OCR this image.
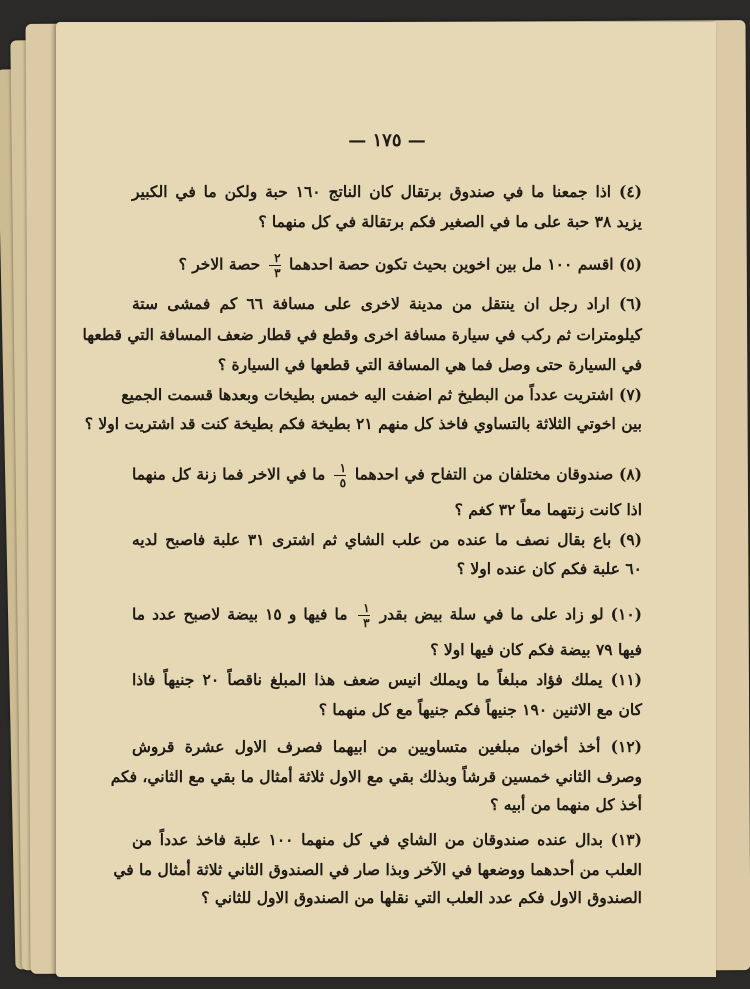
— ١٧٥ —
(٤) اذا جمعنا ما في صندوق برتقال كان الناتج ١٦٠ حبة ولكن ما في الكبير
يزيد ٣٨ حبة على ما في الصغير فكم برتقالة في كل منهما ؟
(٥) اقسم ١٠٠ مل بين اخوين بحيث تكون حصة احدهما
$\frac{٢}{٣}$
حصة الاخر ؟
(٦) اراد رجل ان ينتقل من مدينة لاخرى على مسافة ٦٦ كم فمشى ستة
كيلومترات ثم ركب في سيارة مسافة اخرى وقطع في قطار ضعف المسافة التي قطعها
في السيارة حتى وصل فما هي المسافة التي قطعها في السيارة ؟
(٧) اشتريت عدداً من البطيخ ثم اضفت اليه خمس بطيخات وبعدها قسمت الجميع
بين اخوتي الثلاثة بالتساوي فاخذ كل منهم ٢١ بطيخة فكم بطيخة كنت قد اشتريت اولا ؟
(٨) صندوقان مختلفان من التفاح في احدهما
$\frac{١}{٥}$
ما في الاخر فما زنة كل منهما
اذا كانت زنتهما معاً ٣٢ كغم ؟
(٩) باع بقال نصف ما عنده من علب الشاي ثم اشترى ٣١ علبة فاصبح لديه
٦٠ علبة فكم كان عنده اولا ؟
(١٠) لو زاد على ما في سلة بيض بقدر
$\frac{١}{٣}$
ما فيها و ١٥ بيضة لاصبح عدد ما
فيها ٧٩ بيضة فكم كان فيها اولا ؟
(١١) يملك فؤاد مبلغاً ما ويملك انيس ضعف هذا المبلغ ناقصاً ٢٠ جنيهاً فاذا
كان مع الاثنين ١٩٠ جنيهاً فكم جنيهاً مع كل منهما ؟
(١٢) أخذ أخوان مبلغين متساويين من ابيهما فصرف الاول عشرة قروش
وصرف الثاني خمسين قرشاً وبذلك بقي مع الاول ثلاثة أمثال ما بقي مع الثاني، فكم
أخذ كل منهما من أبيه ؟
(١٣) بدال عنده صندوقان من الشاي في كل منهما ١٠٠ علبة فاخذ عدداً من
العلب من أحدهما ووضعها في الآخر وبذا صار في الصندوق الثاني ثلاثة أمثال ما في
الصندوق الاول فكم عدد العلب التي نقلها من الصندوق الاول للثاني ؟
